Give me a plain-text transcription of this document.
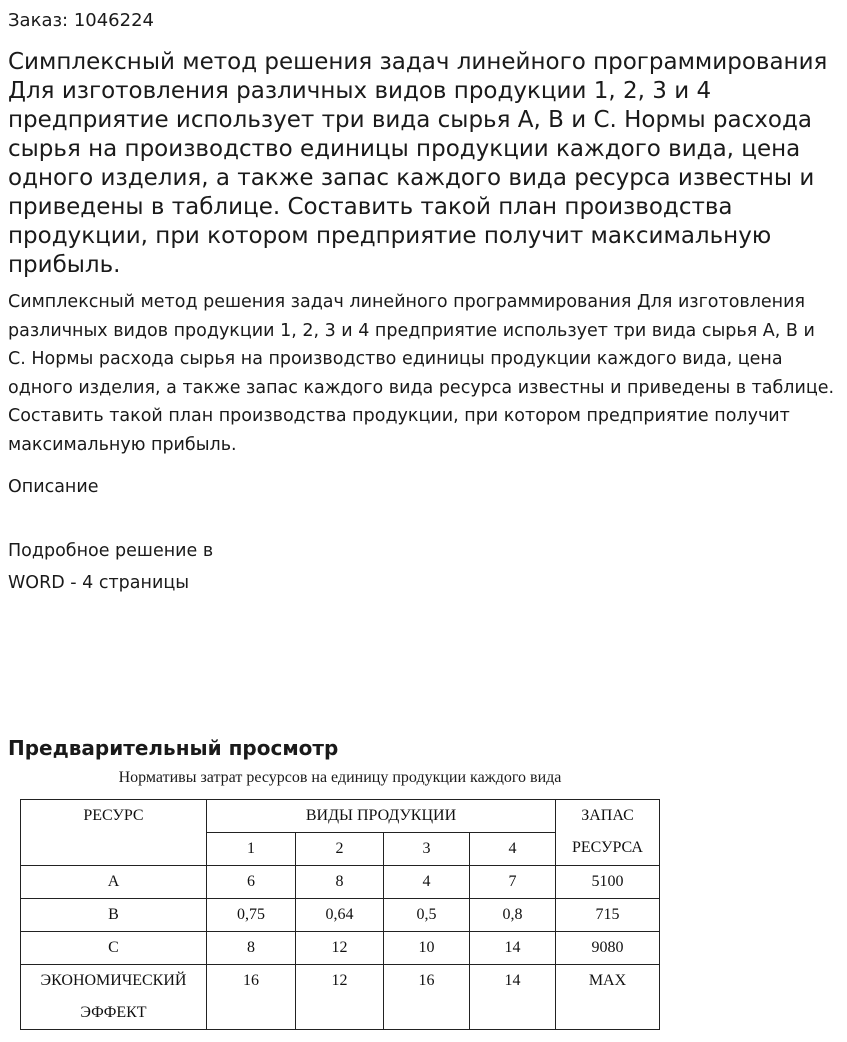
Заказ: 1046224

Симплексный метод решения задач линейного программирования Для изготовления различных видов продукции 1, 2, 3 и 4 предприятие использует три вида сырья A, B и C. Нормы расхода сырья на производство единицы продукции каждого вида, цена одного изделия, а также запас каждого вида ресурса известны и приведены в таблице. Составить такой план производства продукции, при котором предприятие получит максимальную прибыль.

Симплексный метод решения задач линейного программирования Для изготовления различных видов продукции 1, 2, 3 и 4 предприятие использует три вида сырья A, B и C. Нормы расхода сырья на производство единицы продукции каждого вида, цена одного изделия, а также запас каждого вида ресурса известны и приведены в таблице. Составить такой план производства продукции, при котором предприятие получит максимальную прибыль.

Описание

Подробное решение в
WORD - 4 страницы
Предварительный просмотр

Нормативы затрат ресурсов на единицу продукции каждого вида

РЕСУРС	ВИДЫ ПРОДУКЦИИ				ЗАПАС
РЕСУРСА

	1	2	3	4	
А	6	8	4	7	5100
В	0,75	0,64	0,5	0,8	715
С	8	12	10	14	9080

ЭКОНОМИЧЕСКИЙ
ЭФФЕКТ	16	12	16	14	MAX
